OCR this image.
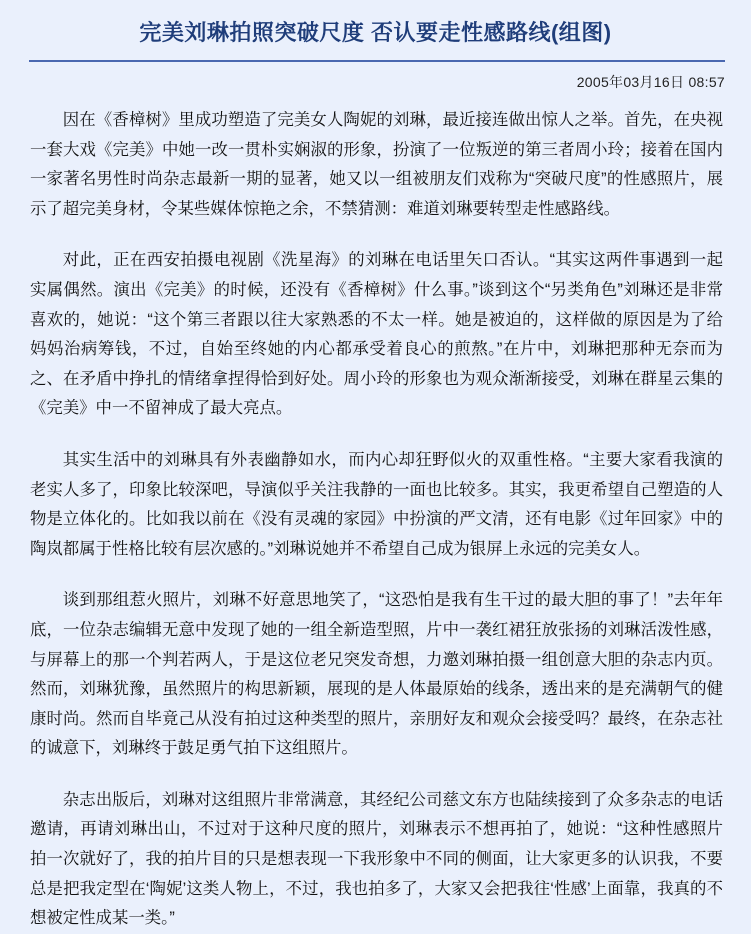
完美刘琳拍照突破尺度 否认要走性感路线(组图)
2005年03月16日 08:57

因在《香樟树》里成功塑造了完美女人陶妮的刘琳，最近接连做出惊人之举。首先，在央视一套大戏《完美》中她一改一贯朴实娴淑的形象，扮演了一位叛逆的第三者周小玲；接着在国内一家著名男性时尚杂志最新一期的显著，她又以一组被朋友们戏称为“突破尺度”的性感照片，展示了超完美身材，令某些媒体惊艳之余，不禁猜测：难道刘琳要转型走性感路线。

对此，正在西安拍摄电视剧《洗星海》的刘琳在电话里矢口否认。“其实这两件事遇到一起实属偶然。演出《完美》的时候，还没有《香樟树》什么事。”谈到这个“另类角色”刘琳还是非常喜欢的，她说：“这个第三者跟以往大家熟悉的不太一样。她是被迫的，这样做的原因是为了给妈妈治病筹钱，不过，自始至终她的内心都承受着良心的煎熬。”在片中，刘琳把那种无奈而为之、在矛盾中挣扎的情绪拿捏得恰到好处。周小玲的形象也为观众渐渐接受，刘琳在群星云集的《完美》中一不留神成了最大亮点。

其实生活中的刘琳具有外表幽静如水，而内心却狂野似火的双重性格。“主要大家看我演的老实人多了，印象比较深吧，导演似乎关注我静的一面也比较多。其实，我更希望自己塑造的人物是立体化的。比如我以前在《没有灵魂的家园》中扮演的严文清，还有电影《过年回家》中的陶岚都属于性格比较有层次感的。”刘琳说她并不希望自己成为银屏上永远的完美女人。

谈到那组惹火照片，刘琳不好意思地笑了，“这恐怕是我有生干过的最大胆的事了！”去年年底，一位杂志编辑无意中发现了她的一组全新造型照，片中一袭红裙狂放张扬的刘琳活泼性感，与屏幕上的那一个判若两人，于是这位老兄突发奇想，力邀刘琳拍摄一组创意大胆的杂志内页。然而，刘琳犹豫，虽然照片的构思新颖，展现的是人体最原始的线条，透出来的是充满朝气的健康时尚。然而自毕竟己从没有拍过这种类型的照片，亲朋好友和观众会接受吗？最终，在杂志社的诚意下，刘琳终于鼓足勇气拍下这组照片。

杂志出版后，刘琳对这组照片非常满意，其经纪公司慈文东方也陆续接到了众多杂志的电话邀请，再请刘琳出山，不过对于这种尺度的照片，刘琳表示不想再拍了，她说：“这种性感照片拍一次就好了，我的拍片目的只是想表现一下我形象中不同的侧面，让大家更多的认识我，不要总是把我定型在‘陶妮’这类人物上，不过，我也拍多了，大家又会把我往‘性感’上面靠，我真的不想被定性成某一类。”
